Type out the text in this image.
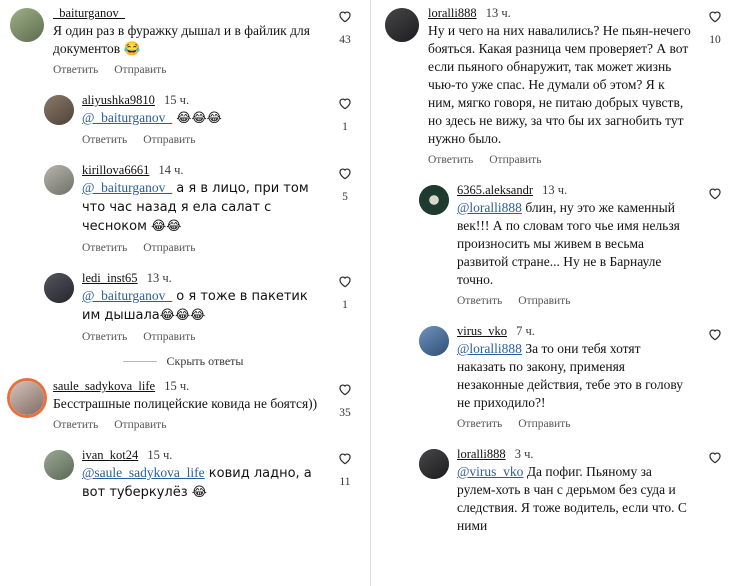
_baiturganov_
Я один раз в фуражку дышал и в файлик для документов 😂
Ответить Отправить
43
aliyushka9810 15 ч.
@_baiturganov_ 😂😂😂
Ответить Отправить
1
kirillova6661 14 ч.
@_baiturganov_ а я в лицо, при том что час назад я ела салат с чесноком 😂😂
Ответить Отправить
5
ledi_inst65 13 ч.
@_baiturganov_ о я тоже в пакетик им дышала😂😂😂
Ответить Отправить
1
Скрыть ответы
saule_sadykova_life 15 ч.
Бесстрашные полицейские ковида не боятся))
Ответить Отправить
35
ivan_kot24 15 ч.
@saule_sadykova_life ковид ладно, а вот туберкулёз 😂
11
loralli888 13 ч.
Ну и чего на них навалились? Не пьян-нечего бояться. Какая разница чем проверяет? А вот если пьяного обнаружит, так может жизнь чью-то уже спас. Не думали об этом? Я к ним, мягко говоря, не питаю добрых чувств, но здесь не вижу, за что бы их загнобить тут нужно было.
Ответить Отправить
10
6365.aleksandr 13 ч.
@loralli888 блин, ну это же каменный век!!! А по словам того чье имя нельзя произносить мы живем в весьма развитой стране... Ну не в Барнауле точно.
Ответить Отправить
virus_vko 7 ч.
@loralli888 За то они тебя хотят наказать по закону, применяя незаконные действия, тебе это в голову не приходило?!
Ответить Отправить
loralli888 3 ч.
@virus_vko Да пофиг. Пьяному за рулем-хоть в чан с дерьмом без суда и следствия. Я тоже водитель, если что. С ними
